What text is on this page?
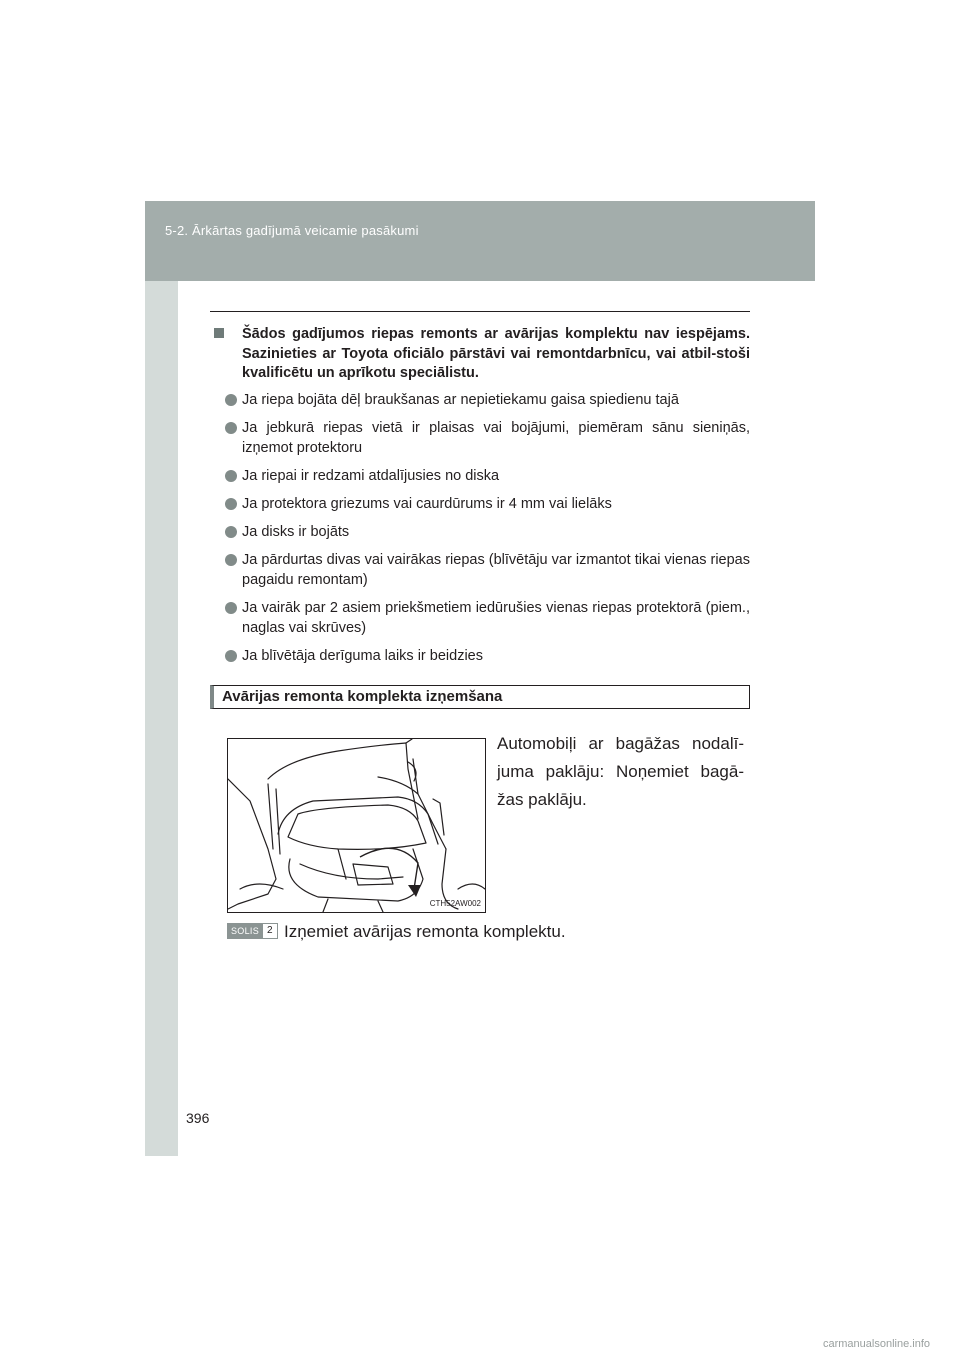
5-2. Ārkārtas gadījumā veicamie pasākumi
Šādos gadījumos riepas remonts ar avārijas komplektu nav iespējams. Sazinieties ar Toyota oficiālo pārstāvi vai remontdarbnīcu, vai atbil-stoši kvalificētu un aprīkotu speciālistu.
Ja riepa bojāta dēļ braukšanas ar nepietiekamu gaisa spiedienu tajā
Ja jebkurā riepas vietā ir plaisas vai bojājumi, piemēram sānu sieniņās, izņemot protektoru
Ja riepai ir redzami atdalījusies no diska
Ja protektora griezums vai caurdūrums ir 4 mm vai lielāks
Ja disks ir bojāts
Ja pārdurtas divas vai vairākas riepas (blīvētāju var izmantot tikai vienas riepas pagaidu remontam)
Ja vairāk par 2 asiem priekšmetiem iedūrušies vienas riepas protektorā (piem., naglas vai skrūves)
Ja blīvētāja derīguma laiks ir beidzies
Avārijas remonta komplekta izņemšana
CTH52AW002
Automobiļi ar bagāžas nodalī-juma paklāju: Noņemiet bagā-žas paklāju.
SOLIS 2 Izņemiet avārijas remonta komplektu.
396
carmanualsonline.info
